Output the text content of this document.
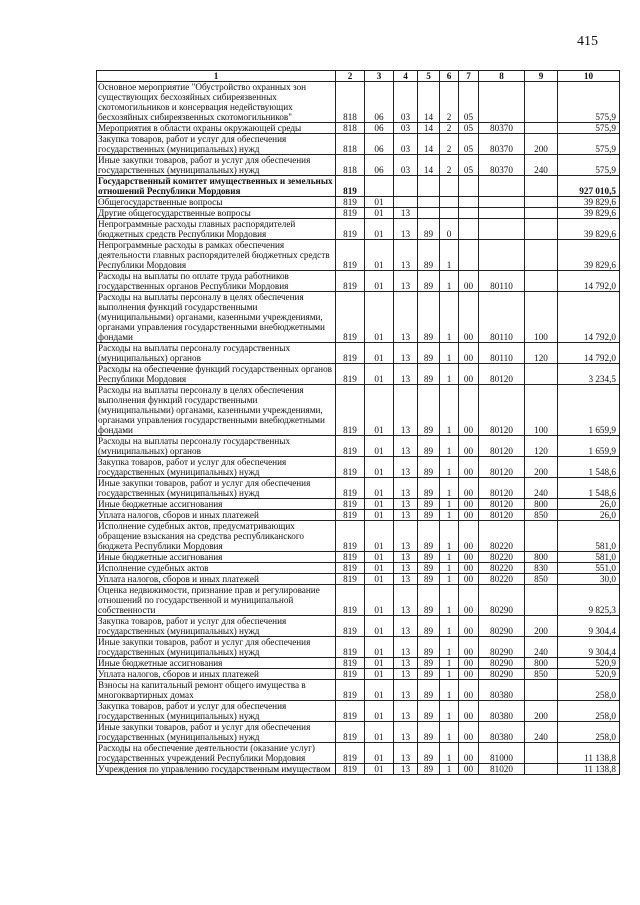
415
1	2	3	4	5	6	7	8	9	10
Основное мероприятие "Обустройство охранных зон существующих бесхозяйных сибиреязвенных скотомогильников и консервация недействующих бесхозяйных сибиреязвенных скотомогильников"	818	06	03	14	2	05			575,9
Мероприятия в области охраны окружающей среды	818	06	03	14	2	05	80370		575,9
Закупка товаров, работ и услуг для обеспечения государственных (муниципальных) нужд	818	06	03	14	2	05	80370	200	575,9
Иные закупки товаров, работ и услуг для обеспечения государственных (муниципальных) нужд	818	06	03	14	2	05	80370	240	575,9
Государственный комитет имущественных и земельных отношений Республики Мордовия	819								927 010,5
Общегосударственные вопросы	819	01							39 829,6
Другие общегосударственные вопросы	819	01	13						39 829,6
Непрограммные расходы главных распорядителей бюджетных средств Республики Мордовия	819	01	13	89	0				39 829,6
Непрограммные расходы в рамках обеспечения деятельности главных распорядителей бюджетных средств Республики Мордовия	819	01	13	89	1				39 829,6
Расходы на выплаты по оплате труда работников государственных органов Республики Мордовия	819	01	13	89	1	00	80110		14 792,0
Расходы на выплаты персоналу в целях обеспечения выполнения функций государственными (муниципальными) органами, казенными учреждениями, органами управления государственными внебюджетными фондами	819	01	13	89	1	00	80110	100	14 792,0
Расходы на выплаты персоналу государственных (муниципальных) органов	819	01	13	89	1	00	80110	120	14 792,0
Расходы на обеспечение функций государственных органов Республики Мордовия	819	01	13	89	1	00	80120		3 234,5
Расходы на выплаты персоналу в целях обеспечения выполнения функций государственными (муниципальными) органами, казенными учреждениями, органами управления государственными внебюджетными фондами	819	01	13	89	1	00	80120	100	1 659,9
Расходы на выплаты персоналу государственных (муниципальных) органов	819	01	13	89	1	00	80120	120	1 659,9
Закупка товаров, работ и услуг для обеспечения государственных (муниципальных) нужд	819	01	13	89	1	00	80120	200	1 548,6
Иные закупки товаров, работ и услуг для обеспечения государственных (муниципальных) нужд	819	01	13	89	1	00	80120	240	1 548,6
Иные бюджетные ассигнования	819	01	13	89	1	00	80120	800	26,0
Уплата налогов, сборов и иных платежей	819	01	13	89	1	00	80120	850	26,0
Исполнение судебных актов, предусматривающих обращение взыскания на средства республиканского бюджета Республики Мордовия	819	01	13	89	1	00	80220		581,0
Иные бюджетные ассигнования	819	01	13	89	1	00	80220	800	581,0
Исполнение судебных актов	819	01	13	89	1	00	80220	830	551,0
Уплата налогов, сборов и иных платежей	819	01	13	89	1	00	80220	850	30,0
Оценка недвижимости, признание прав и регулирование отношений по государственной и муниципальной собственности	819	01	13	89	1	00	80290		9 825,3
Закупка товаров, работ и услуг для обеспечения государственных (муниципальных) нужд	819	01	13	89	1	00	80290	200	9 304,4
Иные закупки товаров, работ и услуг для обеспечения государственных (муниципальных) нужд	819	01	13	89	1	00	80290	240	9 304,4
Иные бюджетные ассигнования	819	01	13	89	1	00	80290	800	520,9
Уплата налогов, сборов и иных платежей	819	01	13	89	1	00	80290	850	520,9
Взносы на капитальный ремонт общего имущества в многоквартирных домах	819	01	13	89	1	00	80380		258,0
Закупка товаров, работ и услуг для обеспечения государственных (муниципальных) нужд	819	01	13	89	1	00	80380	200	258,0
Иные закупки товаров, работ и услуг для обеспечения государственных (муниципальных) нужд	819	01	13	89	1	00	80380	240	258,0
Расходы на обеспечение деятельности (оказание услуг) государственных учреждений Республики Мордовия	819	01	13	89	1	00	81000		11 138,8
Учреждения по управлению государственным имуществом	819	01	13	89	1	00	81020		11 138,8
